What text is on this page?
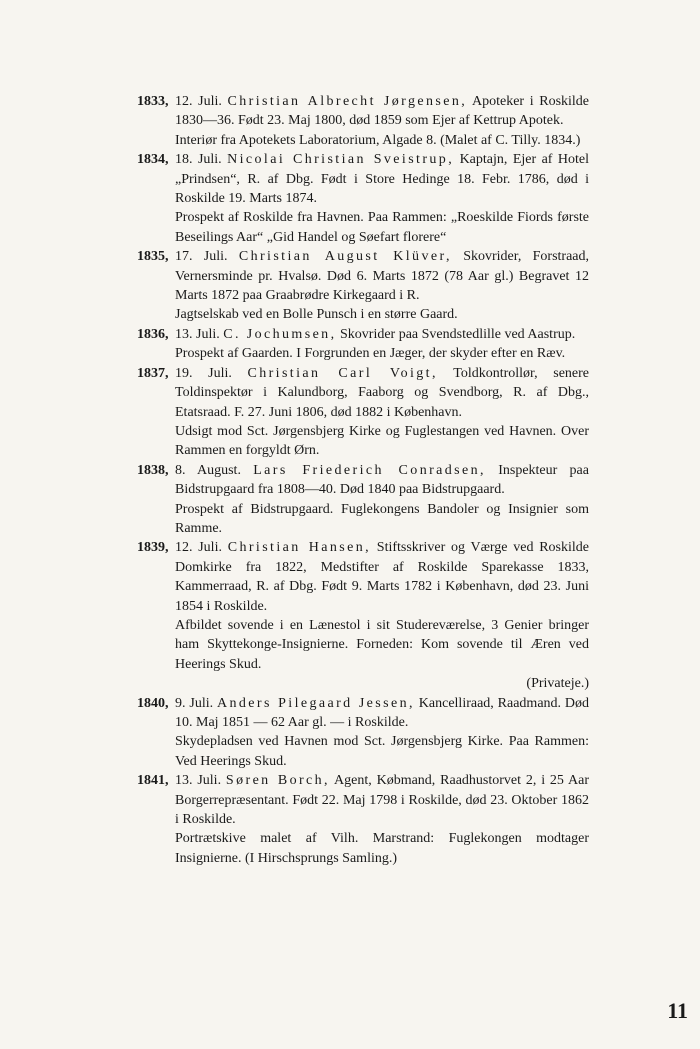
1833, 12. Juli. Christian Albrecht Jørgensen, Apoteker i Roskilde 1830—36. Født 23. Maj 1800, død 1859 som Ejer af Kettrup Apotek.

Interiør fra Apotekets Laboratorium, Algade 8. (Malet af C. Tilly. 1834.)

1834, 18. Juli. Nicolai Christian Sveistrup, Kaptajn, Ejer af Hotel „Prindsen“, R. af Dbg. Født i Store Hedinge 18. Febr. 1786, død i Roskilde 19. Marts 1874.

Prospekt af Roskilde fra Havnen. Paa Rammen: „Roeskilde Fiords første Beseilings Aar“ „Gid Handel og Søefart florere“

1835, 17. Juli. Christian August Klüver, Skovrider, Forstraad, Vernersminde pr. Hvalsø. Død 6. Marts 1872 (78 Aar gl.) Begravet 12 Marts 1872 paa Graabrødre Kirkegaard i R.

Jagtselskab ved en Bolle Punsch i en større Gaard.

1836, 13. Juli. C. Jochumsen, Skovrider paa Svendstedlille ved Aastrup.

Prospekt af Gaarden. I Forgrunden en Jæger, der skyder efter en Ræv.

1837, 19. Juli. Christian Carl Voigt, Toldkontrollør, senere Toldinspektør i Kalundborg, Faaborg og Svendborg, R. af Dbg., Etatsraad. F. 27. Juni 1806, død 1882 i København.

Udsigt mod Sct. Jørgensbjerg Kirke og Fuglestangen ved Havnen. Over Rammen en forgyldt Ørn.

1838, 8. August. Lars Friederich Conradsen, Inspekteur paa Bidstrupgaard fra 1808—40. Død 1840 paa Bidstrupgaard.

Prospekt af Bidstrupgaard. Fuglekongens Bandoler og Insignier som Ramme.

1839, 12. Juli. Christian Hansen, Stiftsskriver og Værge ved Roskilde Domkirke fra 1822, Medstifter af Roskilde Sparekasse 1833, Kammerraad, R. af Dbg. Født 9. Marts 1782 i København, død 23. Juni 1854 i Roskilde.

Afbildet sovende i en Lænestol i sit Studereværelse, 3 Genier bringer ham Skyttekonge-Insignierne. Forneden: Kom sovende til Æren ved Heerings Skud.

(Privateje.)

1840, 9. Juli. Anders Pilegaard Jessen, Kancelliraad, Raadmand. Død 10. Maj 1851 — 62 Aar gl. — i Roskilde.

Skydepladsen ved Havnen mod Sct. Jørgensbjerg Kirke. Paa Rammen: Ved Heerings Skud.

1841, 13. Juli. Søren Borch, Agent, Købmand, Raadhustorvet 2, i 25 Aar Borgerrepræsentant. Født 22. Maj 1798 i Roskilde, død 23. Oktober 1862 i Roskilde.

Portrætskive malet af Vilh. Marstrand: Fuglekongen modtager Insignierne. (I Hirschsprungs Samling.)

11
